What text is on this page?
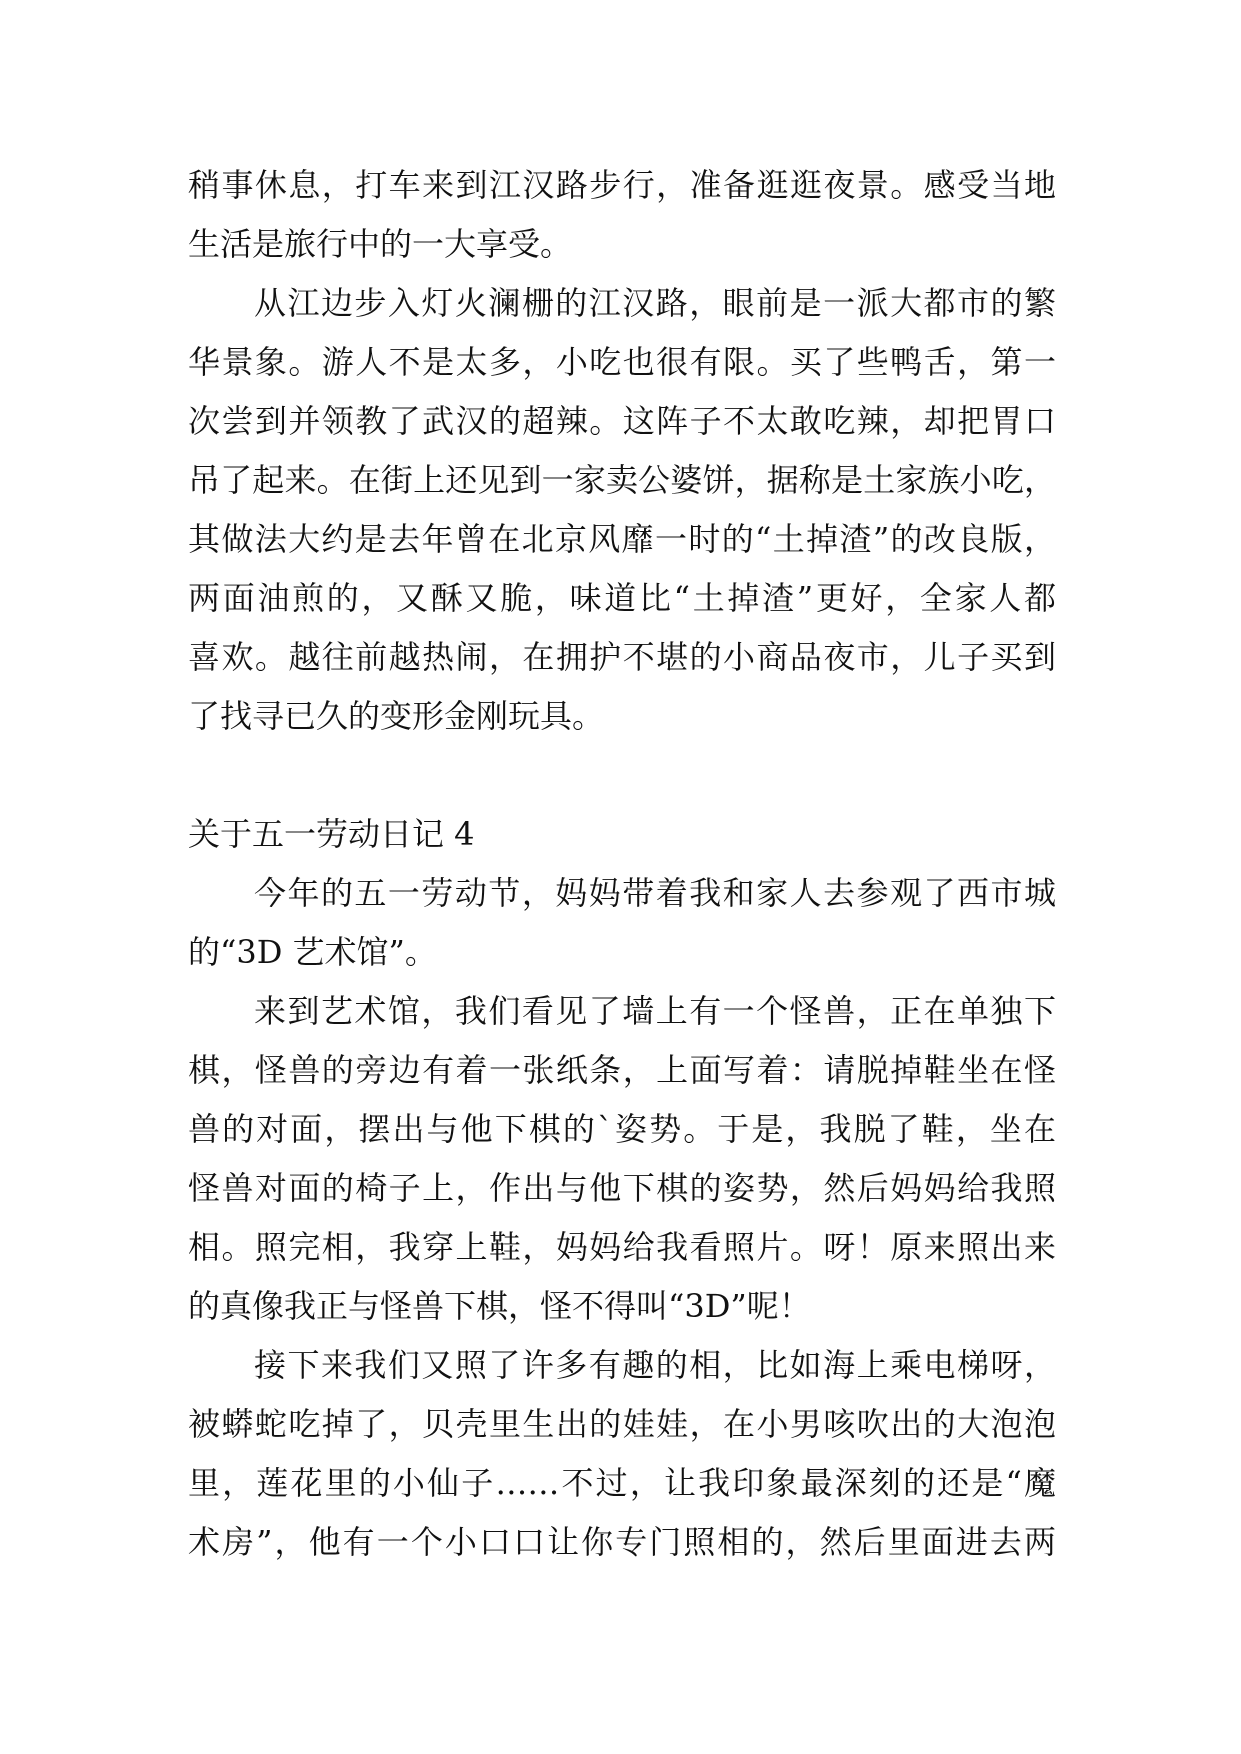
稍事休息，打车来到江汉路步行，准备逛逛夜景。感受当地
生活是旅行中的一大享受。
从江边步入灯火澜栅的江汉路，眼前是一派大都市的繁
华景象。游人不是太多，小吃也很有限。买了些鸭舌，第一
次尝到并领教了武汉的超辣。这阵子不太敢吃辣，却把胃口
吊了起来。在街上还见到一家卖公婆饼，据称是土家族小吃，
其做法大约是去年曾在北京风靡一时的“土掉渣”的改良版，
两面油煎的，又酥又脆，味道比“土掉渣”更好，全家人都
喜欢。越往前越热闹，在拥护不堪的小商品夜市，儿子买到
了找寻已久的变形金刚玩具。
关于五一劳动日记 4
今年的五一劳动节，妈妈带着我和家人去参观了西市城
的“3D 艺术馆”。
来到艺术馆，我们看见了墙上有一个怪兽，正在单独下
棋，怪兽的旁边有着一张纸条，上面写着：请脱掉鞋坐在怪
兽的对面，摆出与他下棋的`姿势。于是，我脱了鞋，坐在
怪兽对面的椅子上，作出与他下棋的姿势，然后妈妈给我照
相。照完相，我穿上鞋，妈妈给我看照片。呀！原来照出来
的真像我正与怪兽下棋，怪不得叫“3D”呢！
接下来我们又照了许多有趣的相，比如海上乘电梯呀，
被蟒蛇吃掉了，贝壳里生出的娃娃，在小男咳吹出的大泡泡
里，莲花里的小仙子……不过，让我印象最深刻的还是“魔
术房”，他有一个小口口让你专门照相的，然后里面进去两
